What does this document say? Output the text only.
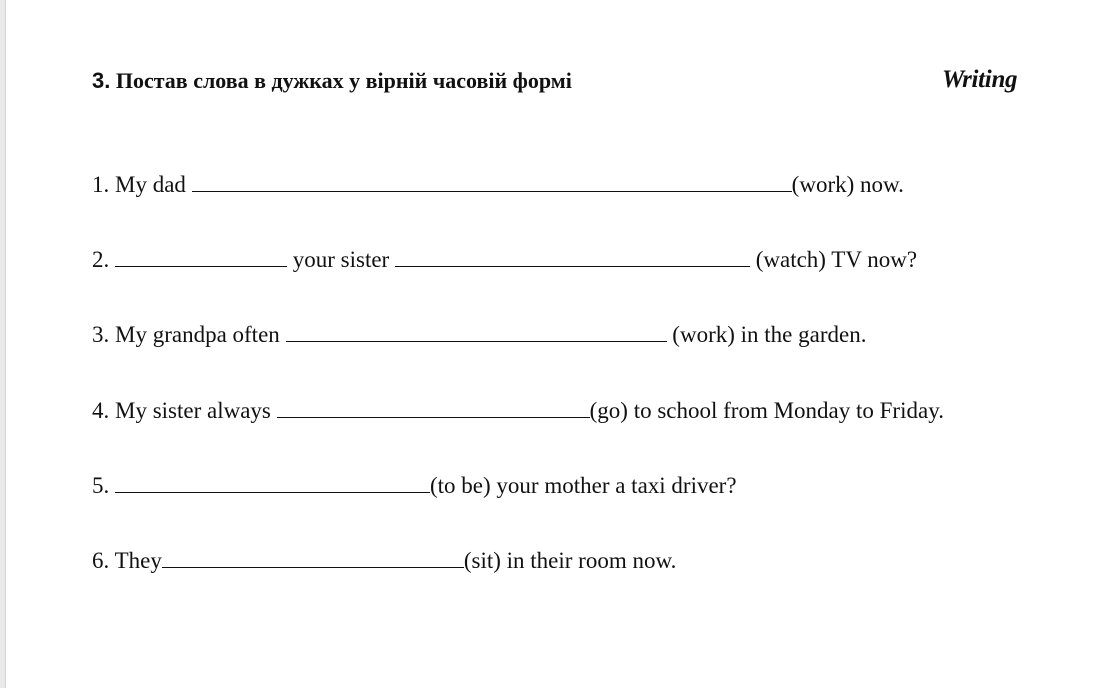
3. Постав слова в дужках у вірній часовій формі	Writing
1. My dad	(work) now.
2.	your sister	(watch) TV now?
3. My grandpa often	(work) in the garden.
4. My sister always	(go) to school from Monday to Friday.
5.	(to be) your mother a taxi driver?
6. They	(sit) in their room now.
